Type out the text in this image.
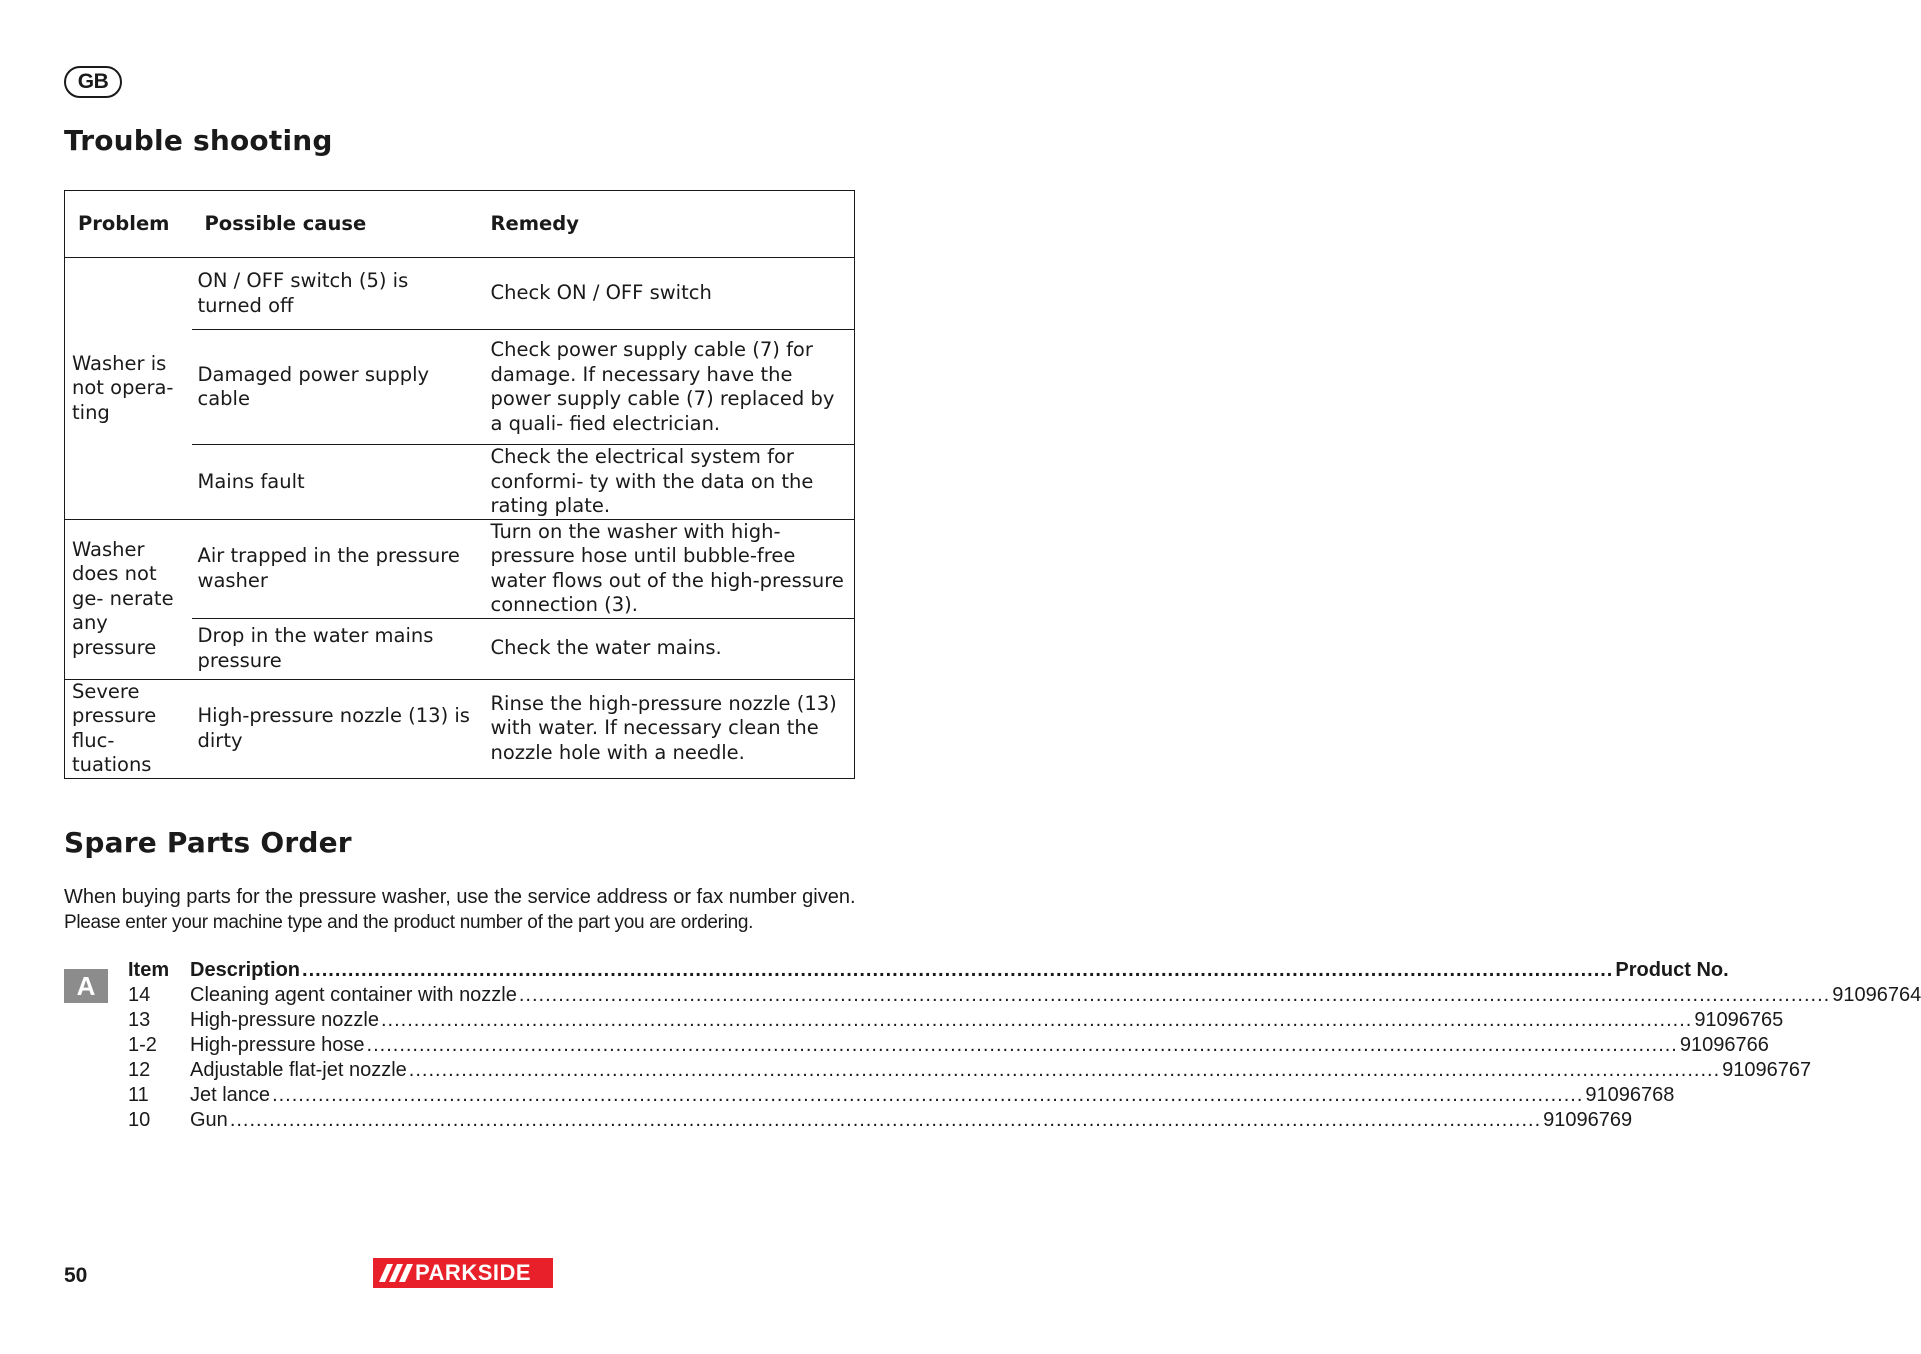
GB
Trouble shooting
Problem	Possible cause	Remedy
Washer is not opera- ting	ON / OFF switch (5) is turned off	Check ON / OFF switch
	Damaged power supply cable	Check power supply cable (7) for damage. If necessary have the power supply cable (7) replaced by a quali- fied electrician.
	Mains fault	Check the electrical system for conformi- ty with the data on the rating plate.
Washer does not ge- nerate any pressure	Air trapped in the pressure washer	Turn on the washer with high-pressure hose until bubble-free water flows out of the high-pressure connection (3).
	Drop in the water mains pressure	Check the water mains.
Severe pressure fluc- tuations	High-pressure nozzle (13) is dirty	Rinse the high-pressure nozzle (13) with water. If necessary clean the nozzle hole with a needle.
Spare Parts Order

When buying parts for the pressure washer, use the service address or fax number given.
Please enter your machine type and the product number of the part you are ordering.

A
Item	Description ........................................................................................................................................................................................................ Product No.
14	Cleaning agent container with nozzle ........................................................................................................................................................................................................ 91096764
13	High-pressure nozzle ........................................................................................................................................................................................................ 91096765
1-2	High-pressure hose ........................................................................................................................................................................................................ 91096766
12	Adjustable flat-jet nozzle ........................................................................................................................................................................................................ 91096767
11	Jet lance ........................................................................................................................................................................................................ 91096768
10	Gun ........................................................................................................................................................................................................ 91096769
50	PARKSIDE
